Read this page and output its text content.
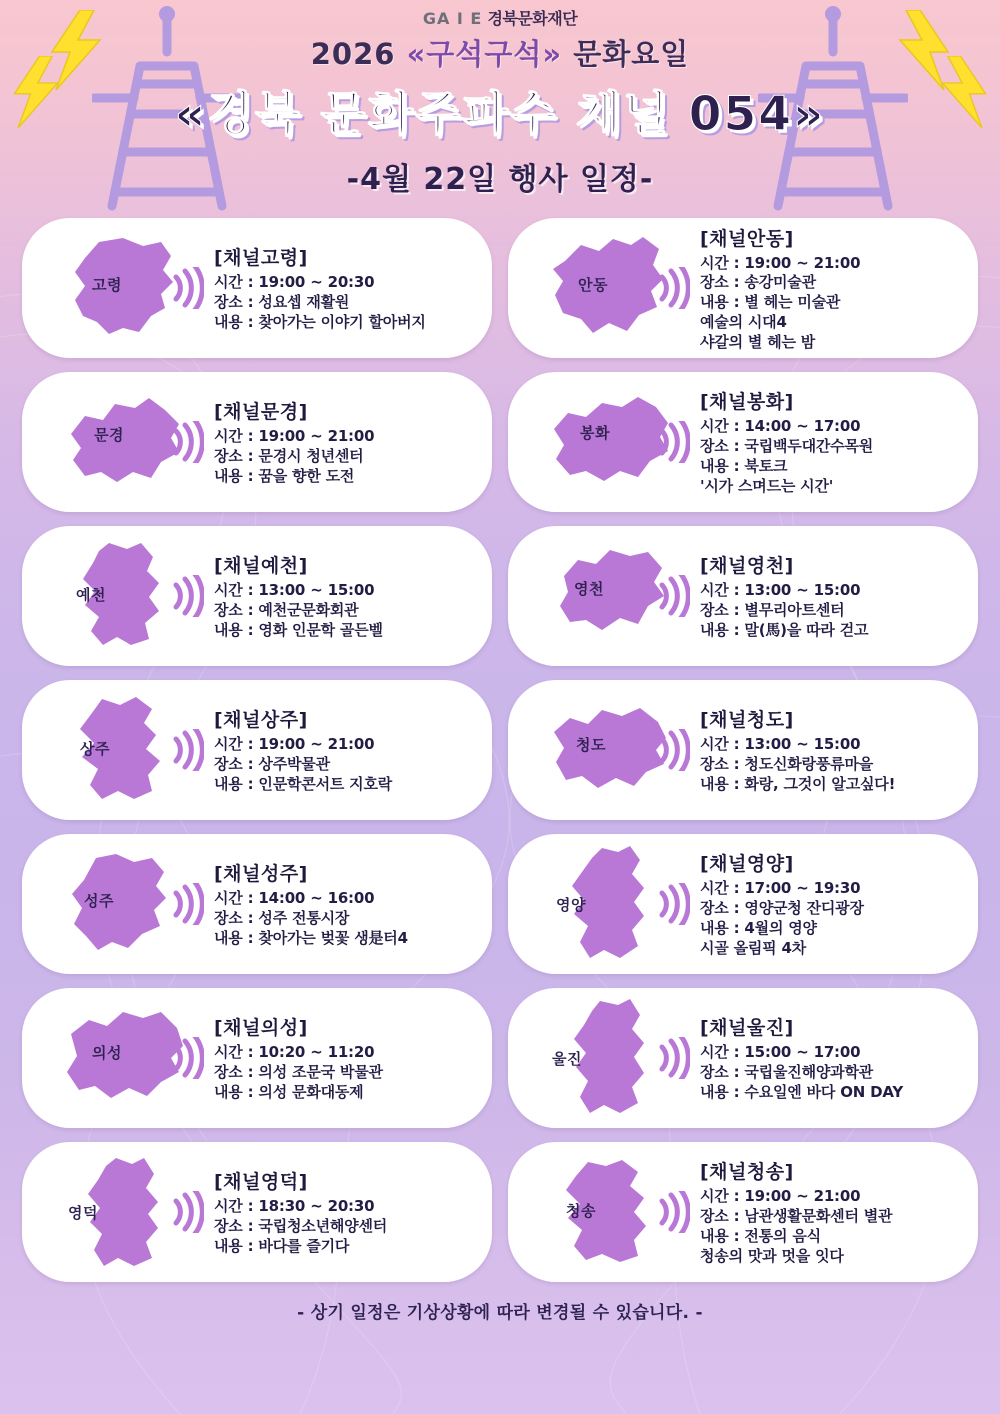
GA I E 경북문화재단
2026 «구석구석» 문화요일
«경북 문화주파수 채널 054»
-4월 22일 행사 일정-
고령
[채널고령]
시간 : 19:00 ~ 20:30
장소 : 성요셉 재활원
내용 : 찾아가는 이야기 할아버지
안동
[채널안동]
시간 : 19:00 ~ 21:00
장소 : 송강미술관
내용 : 별 헤는 미술관
예술의 시대4
샤갈의 별 헤는 밤
문경
[채널문경]
시간 : 19:00 ~ 21:00
장소 : 문경시 청년센터
내용 : 꿈을 향한 도전
봉화
[채널봉화]
시간 : 14:00 ~ 17:00
장소 : 국립백두대간수목원
내용 : 북토크
'시가 스며드는 시간'
예천
[채널예천]
시간 : 13:00 ~ 15:00
장소 : 예천군문화회관
내용 : 영화 인문학 골든벨
영천
[채널영천]
시간 : 13:00 ~ 15:00
장소 : 별무리아트센터
내용 : 말(馬)을 따라 걷고
상주
[채널상주]
시간 : 19:00 ~ 21:00
장소 : 상주박물관
내용 : 인문학콘서트 지호락
청도
[채널청도]
시간 : 13:00 ~ 15:00
장소 : 청도신화랑풍류마을
내용 : 화랑, 그것이 알고싶다!
성주
[채널성주]
시간 : 14:00 ~ 16:00
장소 : 성주 전통시장
내용 : 찾아가는 벚꽃 생是터4
영양
[채널영양]
시간 : 17:00 ~ 19:30
장소 : 영양군청 잔디광장
내용 : 4월의 영양
시골 올림픽 4차
의성
[채널의성]
시간 : 10:20 ~ 11:20
장소 : 의성 조문국 박물관
내용 : 의성 문화대동제
울진
[채널울진]
시간 : 15:00 ~ 17:00
장소 : 국립울진해양과학관
내용 : 수요일엔 바다 ON DAY
영덕
[채널영덕]
시간 : 18:30 ~ 20:30
장소 : 국립청소년해양센터
내용 : 바다를 즐기다
청송
[채널청송]
시간 : 19:00 ~ 21:00
장소 : 남관생활문화센터 별관
내용 : 전통의 음식
청송의 맛과 멋을 잇다
- 상기 일정은 기상상황에 따라 변경될 수 있습니다. -
